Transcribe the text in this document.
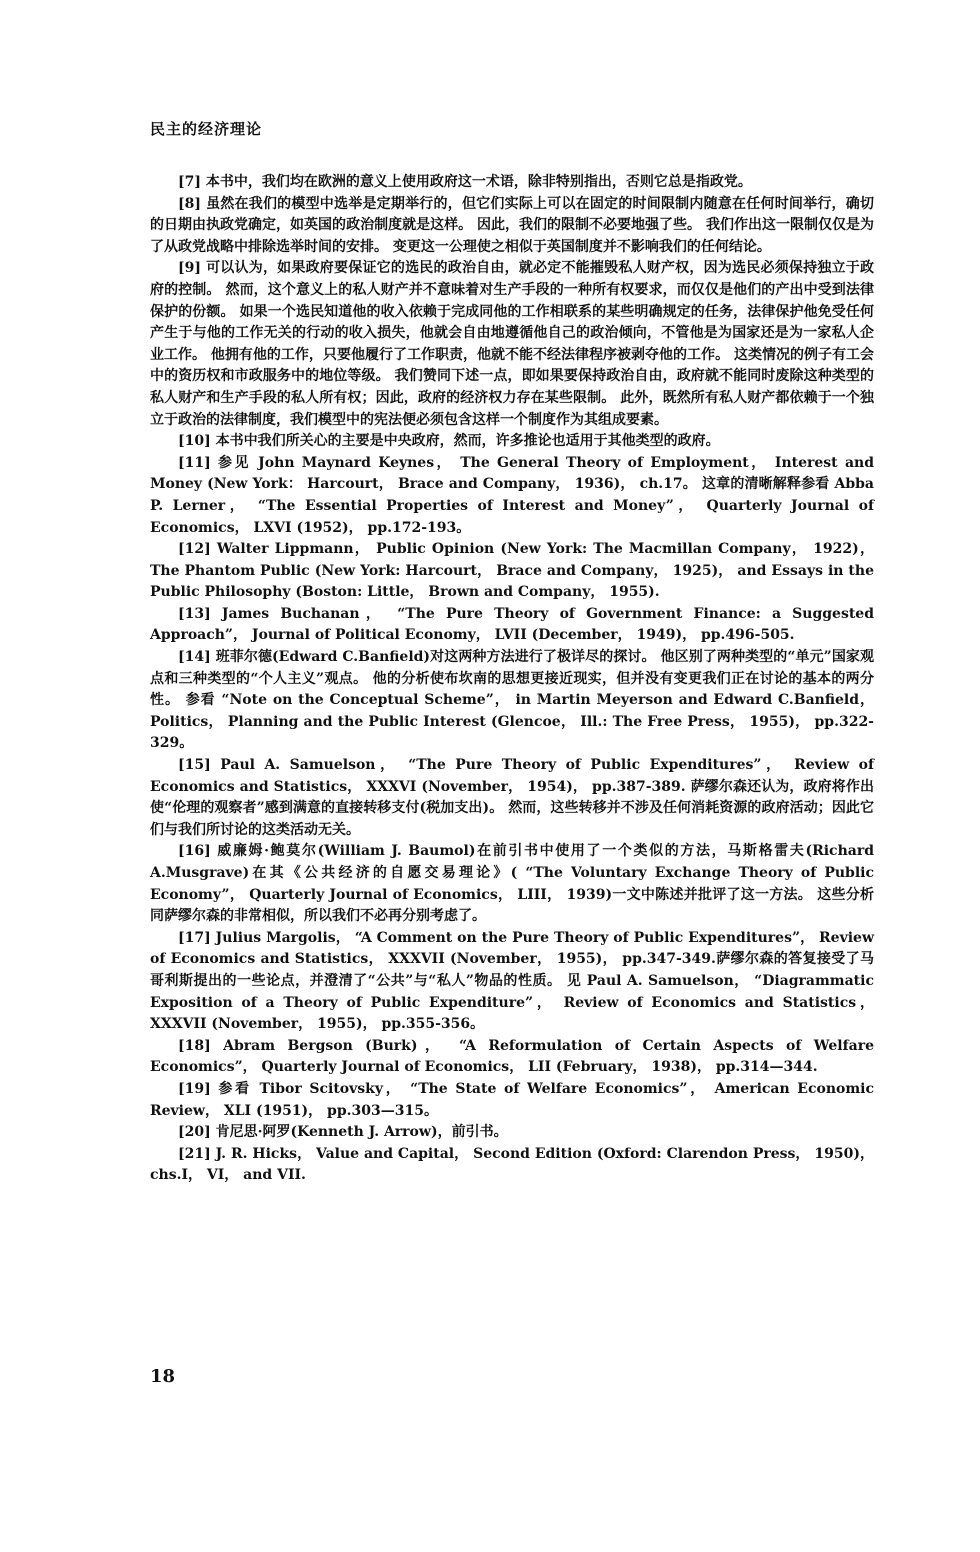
民主的经济理论

[7] 本书中，我们均在欧洲的意义上使用政府这一术语，除非特别指出，否则它总是指政党。

[8] 虽然在我们的模型中选举是定期举行的，但它们实际上可以在固定的时间限制内随意在任何时间举行，确切的日期由执政党确定，如英国的政治制度就是这样。 因此，我们的限制不必要地强了些。 我们作出这一限制仅仅是为了从政党战略中排除选举时间的安排。 变更这一公理使之相似于英国制度并不影响我们的任何结论。

[9] 可以认为，如果政府要保证它的选民的政治自由，就必定不能摧毁私人财产权，因为选民必须保持独立于政府的控制。 然而，这个意义上的私人财产并不意味着对生产手段的一种所有权要求，而仅仅是他们的产出中受到法律保护的份额。 如果一个选民知道他的收入依赖于完成同他的工作相联系的某些明确规定的任务，法律保护他免受任何产生于与他的工作无关的行动的收入损失，他就会自由地遵循他自己的政治倾向，不管他是为国家还是为一家私人企业工作。 他拥有他的工作，只要他履行了工作职责，他就不能不经法律程序被剥夺他的工作。 这类情况的例子有工会中的资历权和市政服务中的地位等级。 我们赞同下述一点，即如果要保持政治自由，政府就不能同时废除这种类型的私人财产和生产手段的私人所有权；因此，政府的经济权力存在某些限制。 此外，既然所有私人财产都依赖于一个独立于政治的法律制度，我们模型中的宪法便必须包含这样一个制度作为其组成要素。

[10] 本书中我们所关心的主要是中央政府，然而，许多推论也适用于其他类型的政府。

[11] 参见 John Maynard Keynes， The General Theory of Employment， Interest and Money (New York： Harcourt， Brace and Company， 1936)， ch.17。 这章的清晰解释参看 Abba P. Lerner， “The Essential Properties of Interest and Money”， Quarterly Journal of Economics， LXVI (1952)， pp.172-193。

[12] Walter Lippmann， Public Opinion (New York: The Macmillan Company， 1922)， The Phantom Public (New York: Harcourt， Brace and Company， 1925)， and Essays in the Public Philosophy (Boston: Little， Brown and Company， 1955).

[13] James Buchanan， “The Pure Theory of Government Finance: a Suggested Approach”， Journal of Political Economy， LVII (December， 1949)， pp.496-505.

[14] 班菲尔德(Edward C.Banfield)对这两种方法进行了极详尽的探讨。 他区别了两种类型的“单元”国家观点和三种类型的“个人主义”观点。 他的分析使布坎南的思想更接近现实，但并没有变更我们正在讨论的基本的两分性。 参看 “Note on the Conceptual Scheme”， in Martin Meyerson and Edward C.Banfield， Politics， Planning and the Public Interest (Glencoe， Ill.: The Free Press， 1955)， pp.322-329。

[15] Paul A. Samuelson， “The Pure Theory of Public Expenditures”， Review of Economics and Statistics， XXXVI (November， 1954)， pp.387-389. 萨缪尔森还认为，政府将作出使“伦理的观察者”感到满意的直接转移支付(税加支出)。 然而，这些转移并不涉及任何消耗资源的政府活动；因此它们与我们所讨论的这类活动无关。

[16] 威廉姆·鲍莫尔(William J. Baumol)在前引书中使用了一个类似的方法，马斯格雷夫(Richard A.Musgrave)在其《公共经济的自愿交易理论》( “The Voluntary Exchange Theory of Public Economy”， Quarterly Journal of Economics， LIII， 1939)一文中陈述并批评了这一方法。 这些分析同萨缪尔森的非常相似，所以我们不必再分别考虑了。

[17] Julius Margolis， “A Comment on the Pure Theory of Public Expenditures”， Review of Economics and Statistics， XXXVII (November， 1955)， pp.347-349.萨缪尔森的答复接受了马哥利斯提出的一些论点，并澄清了“公共”与“私人”物品的性质。 见 Paul A. Samuelson， “Diagrammatic Exposition of a Theory of Public Expenditure”， Review of Economics and Statistics， XXXVII (November， 1955)， pp.355-356。

[18] Abram Bergson (Burk)， “A Reformulation of Certain Aspects of Welfare Economics”， Quarterly Journal of Economics， LII (February， 1938)， pp.314—344.

[19] 参看 Tibor Scitovsky， “The State of Welfare Economics”， American Economic Review， XLI (1951)， pp.303—315。

[20] 肯尼思·阿罗(Kenneth J. Arrow)，前引书。

[21] J. R. Hicks， Value and Capital， Second Edition (Oxford: Clarendon Press， 1950)， chs.I， VI， and VII.

18
